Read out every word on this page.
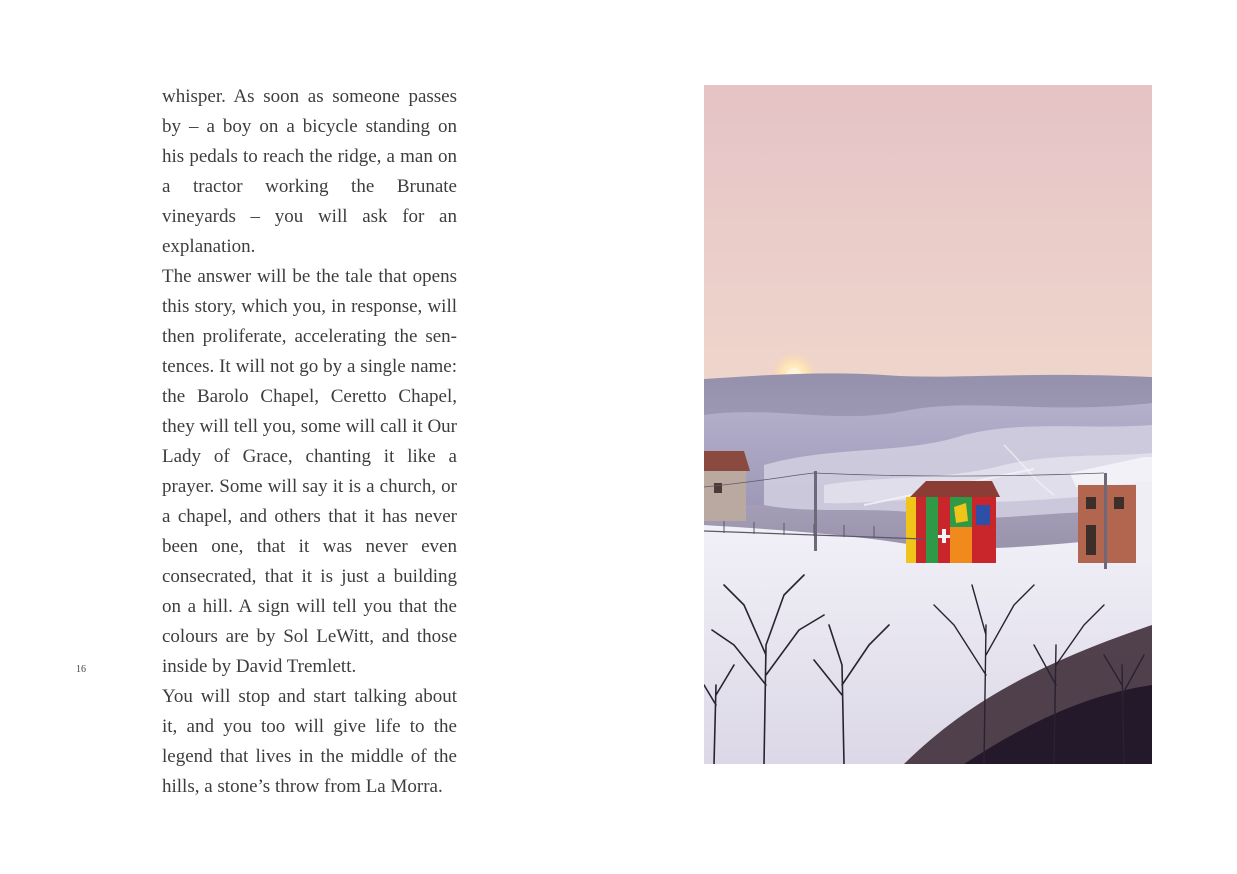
whisper. As soon as someone passes by – a boy on a bicycle standing on his pedals to reach the ridge, a man on a tractor working the Brunate vineyards – you will ask for an explanation.

The answer will be the tale that opens this story, which you, in response, will then proliferate, accelerating the sentences. It will not go by a single name: the Barolo Chapel, Ceretto Chapel, they will tell you, some will call it Our Lady of Grace, chanting it like a prayer. Some will say it is a church, or a chapel, and others that it has never been one, that it was never even consecrated, that it is just a building on a hill. A sign will tell you that the colours are by Sol LeWitt, and those inside by David Tremlett.

You will stop and start talking about it, and you too will give life to the legend that lives in the middle of the hills, a stone’s throw from La Morra.

16
